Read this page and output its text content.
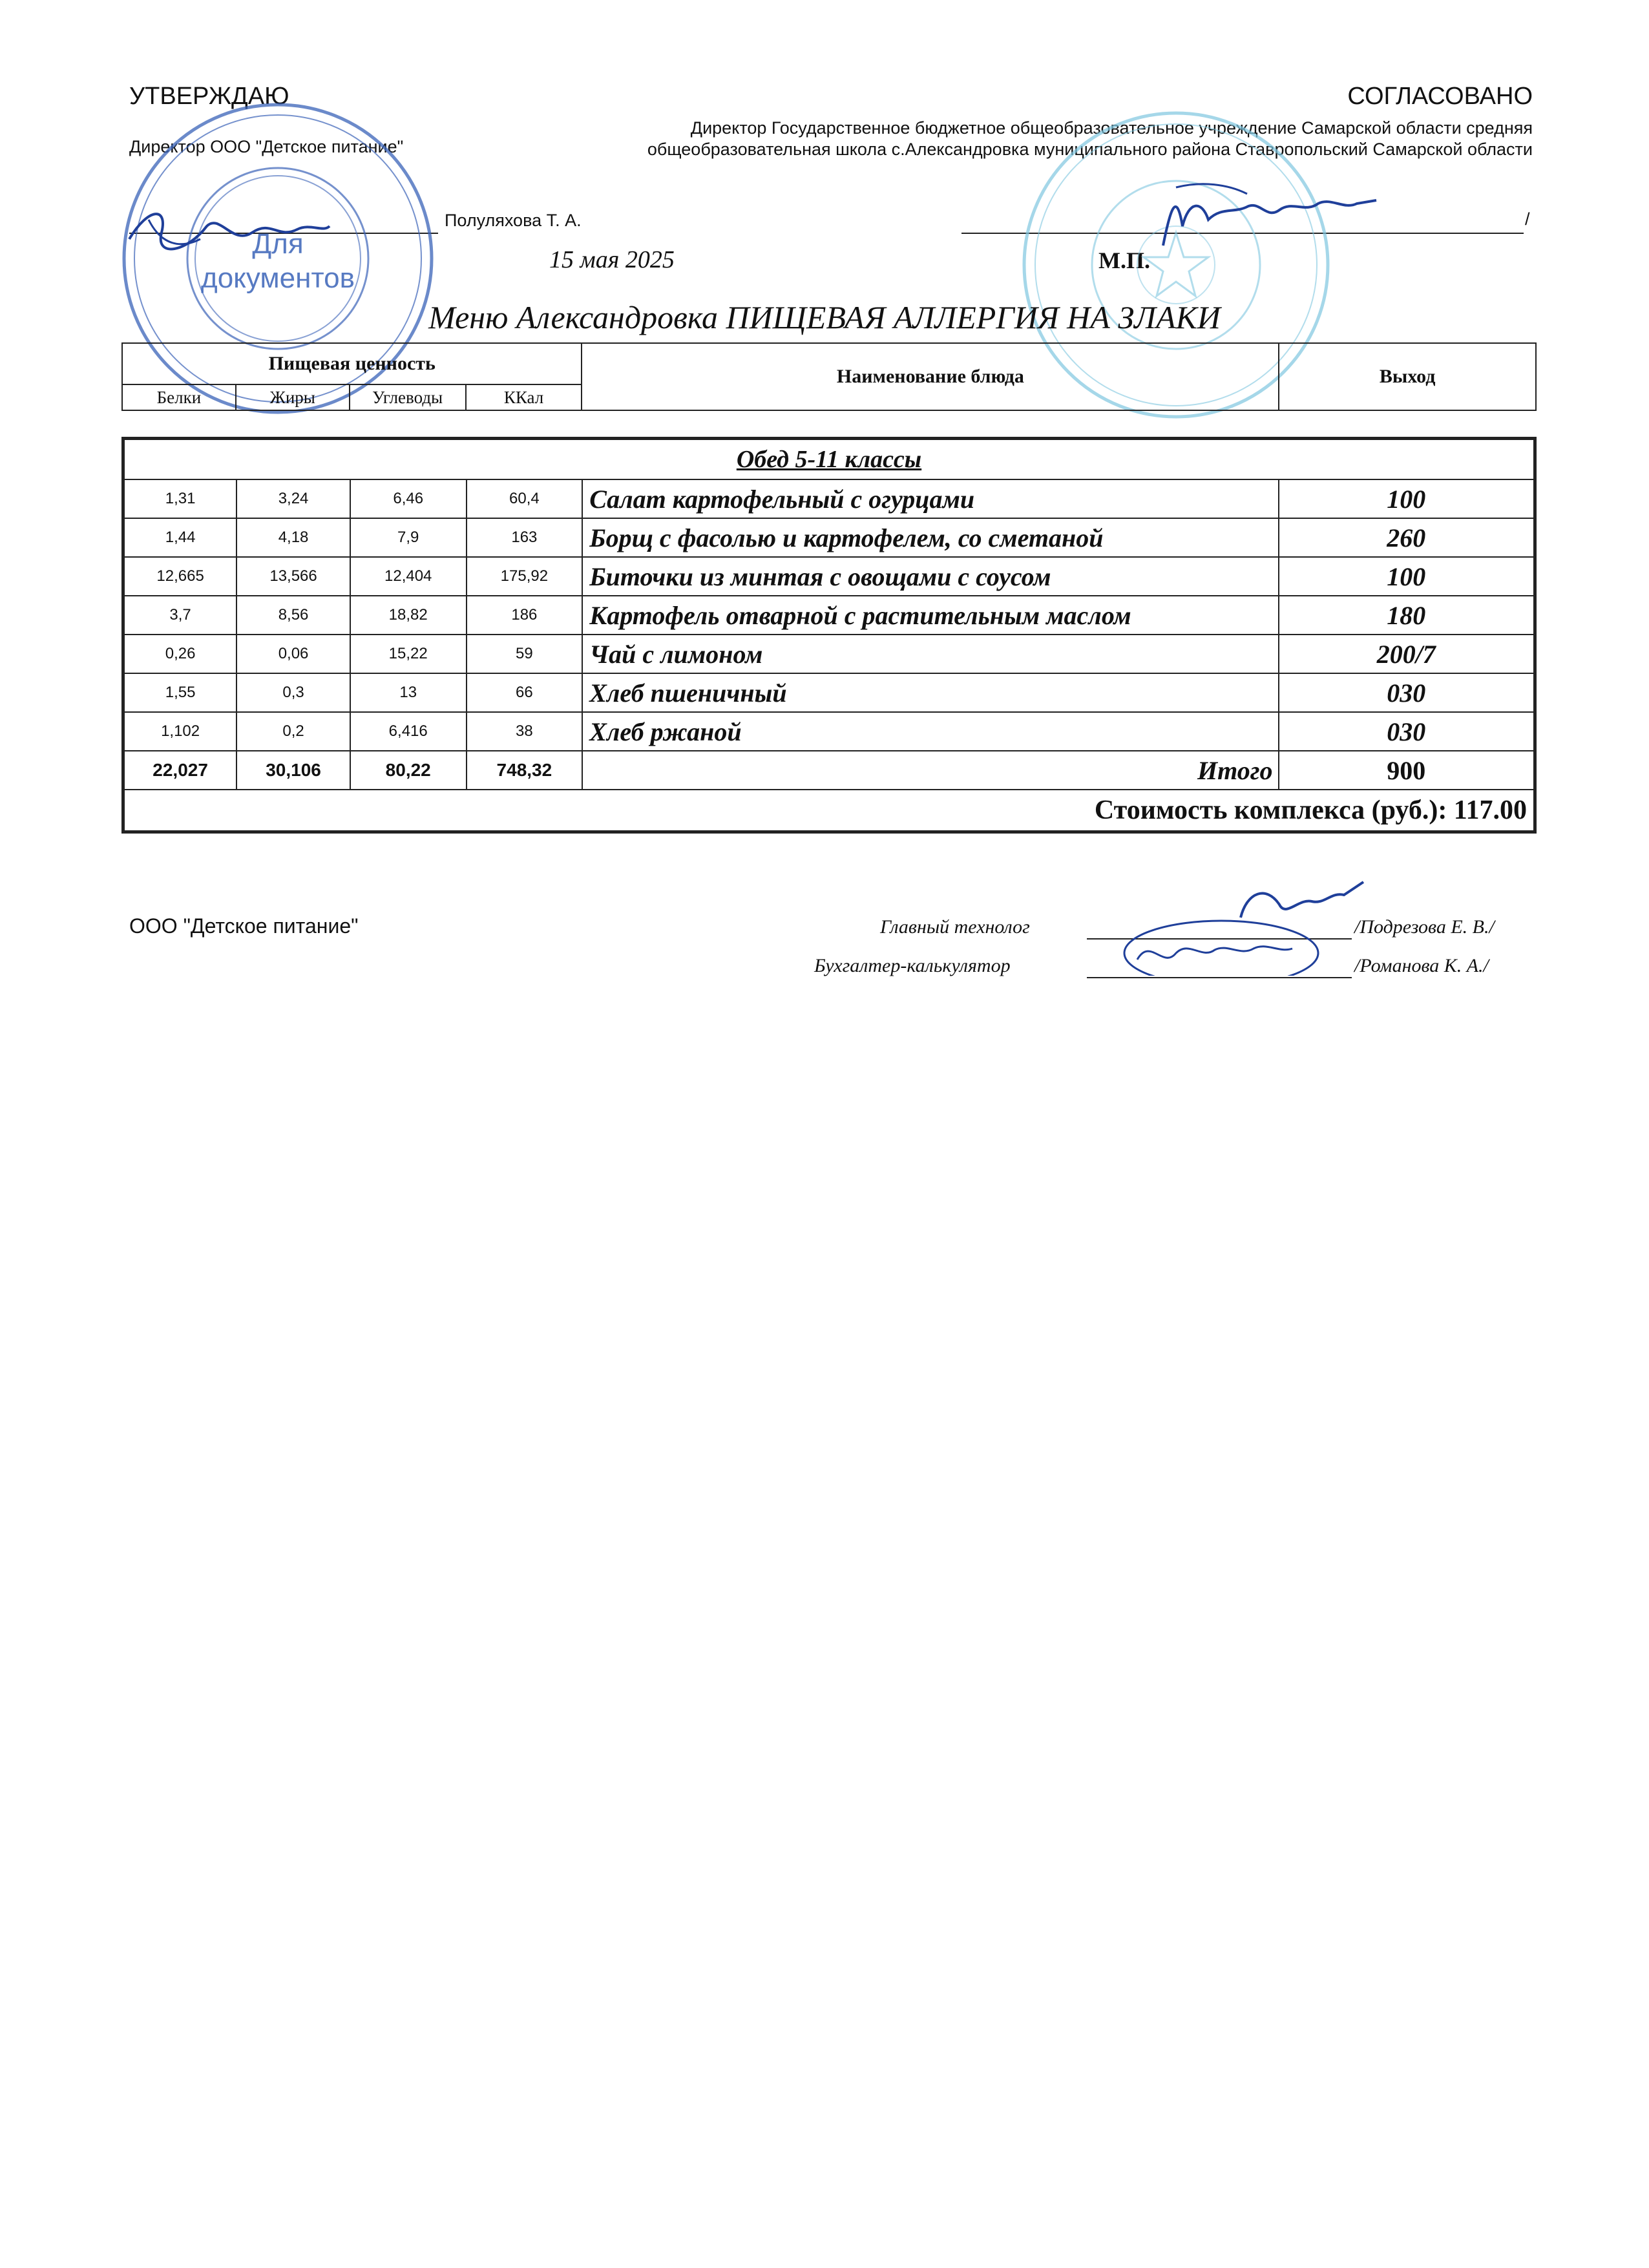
УТВЕРЖДАЮ
Директор ООО "Детское питание"
Полуляхова Т. А.
15 мая 2025
СОГЛАСОВАНО
Директор Государственное бюджетное общеобразовательное учреждение Самарской области средняя общеобразовательная школа с.Александровка муниципального района Ставропольский Самарской области
/
М.П.
Для
документов
Меню Александровка ПИЩЕВАЯ АЛЛЕРГИЯ НА ЗЛАКИ
Пищевая ценность				Наименование блюда	Выход
Белки	Жиры	Углеводы	ККал		
Обед 5-11 классы					
1,31	3,24	6,46	60,4	Салат картофельный с огурцами	100
1,44	4,18	7,9	163	Борщ с фасолью и картофелем, со сметаной	260
12,665	13,566	12,404	175,92	Биточки из минтая с овощами с соусом	100
3,7	8,56	18,82	186	Картофель отварной с растительным маслом	180
0,26	0,06	15,22	59	Чай с лимоном	200/7
1,55	0,3	13	66	Хлеб пшеничный	030
1,102	0,2	6,416	38	Хлеб ржаной	030
22,027	30,106	80,22	748,32	Итого	900
Стоимость комплекса (руб.): 117.00					
ООО "Детское питание"	Главный технолог	/Подрезова Е. В./
Бухгалтер-калькулятор	/Романова К. А./
